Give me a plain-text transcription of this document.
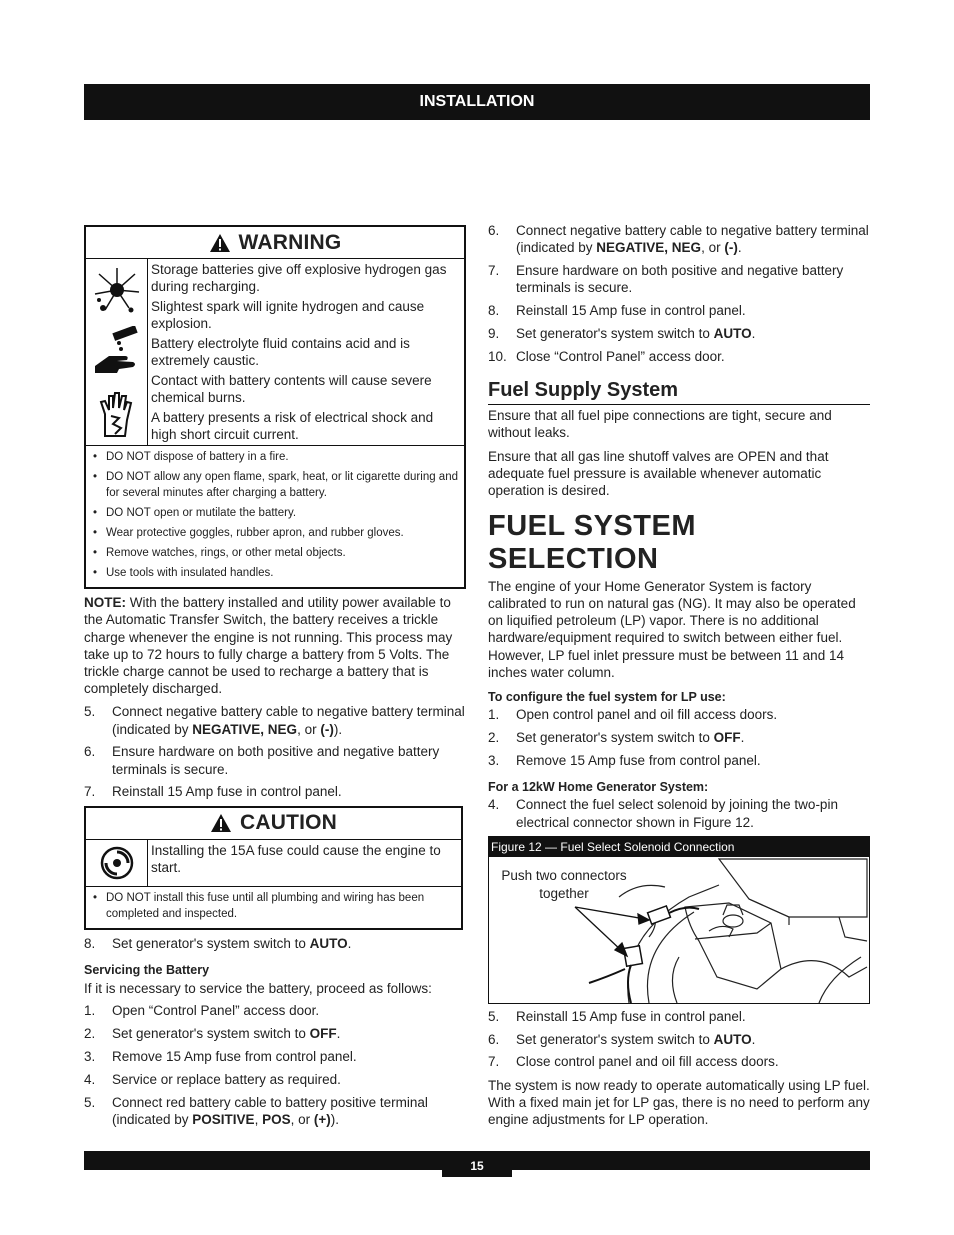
INSTALLATION
WARNING

Storage batteries give off explosive hydrogen gas during recharging.

Slightest spark will ignite hydrogen and cause explosion.

Battery electrolyte fluid contains acid and is extremely caustic.

Contact with battery contents will cause severe chemical burns.

A battery presents a risk of electrical shock and high short circuit current.

• DO NOT dispose of battery in a fire.
• DO NOT allow any open flame, spark, heat, or lit cigarette during and for several minutes after charging a battery.
• DO NOT open or mutilate the battery.
• Wear protective goggles, rubber apron, and rubber gloves.
• Remove watches, rings, or other metal objects.
• Use tools with insulated handles.

NOTE: With the battery installed and utility power available to the Automatic Transfer Switch, the battery receives a trickle charge whenever the engine is not running. This process may take up to 72 hours to fully charge a battery from 5 Volts. The trickle charge cannot be used to recharge a battery that is completely discharged.

5.	Connect negative battery cable to negative battery terminal (indicated by NEGATIVE, NEG, or (-)).
6.	Ensure hardware on both positive and negative battery terminals is secure.
7.	Reinstall 15 Amp fuse in control panel.
CAUTION
Installing the 15A fuse could cause the engine to start.
• DO NOT install this fuse until all plumbing and wiring has been completed and inspected.
8.	Set generator's system switch to AUTO.
Servicing the Battery

If it is necessary to service the battery, proceed as follows:

1.	Open “Control Panel” access door.
2.	Set generator's system switch to OFF.
3.	Remove 15 Amp fuse from control panel.
4.	Service or replace battery as required.
5.	Connect red battery cable to battery positive terminal (indicated by POSITIVE, POS, or (+)).
6.	Connect negative battery cable to negative battery terminal (indicated by NEGATIVE, NEG, or (-).
7.	Ensure hardware on both positive and negative battery terminals is secure.
8.	Reinstall 15 Amp fuse in control panel.
9.	Set generator's system switch to AUTO.
10. Close “Control Panel” access door.
Fuel Supply System

Ensure that all fuel pipe connections are tight, secure and without leaks.

Ensure that all gas line shutoff valves are OPEN and that adequate fuel pressure is available whenever automatic operation is desired.

FUEL SYSTEM SELECTION

The engine of your Home Generator System is factory calibrated to run on natural gas (NG). It may also be operated on liquified petroleum (LP) vapor. There is no additional hardware/equipment required to switch between either fuel. However, LP fuel inlet pressure must be between 11 and 14 inches water column.

To configure the fuel system for LP use:
1.	Open control panel and oil fill access doors.
2.	Set generator's system switch to OFF.
3.	Remove 15 Amp fuse from control panel.
For a 12kW Home Generator System:
4.	Connect the fuel select solenoid by joining the two-pin electrical connector shown in Figure 12.
Figure 12 — Fuel Select Solenoid Connection
Push two connectors together
5.	Reinstall 15 Amp fuse in control panel.
6.	Set generator's system switch to AUTO.
7.	Close control panel and oil fill access doors.

The system is now ready to operate automatically using LP fuel. With a fixed main jet for LP gas, there is no need to perform any engine adjustments for LP operation.

15
